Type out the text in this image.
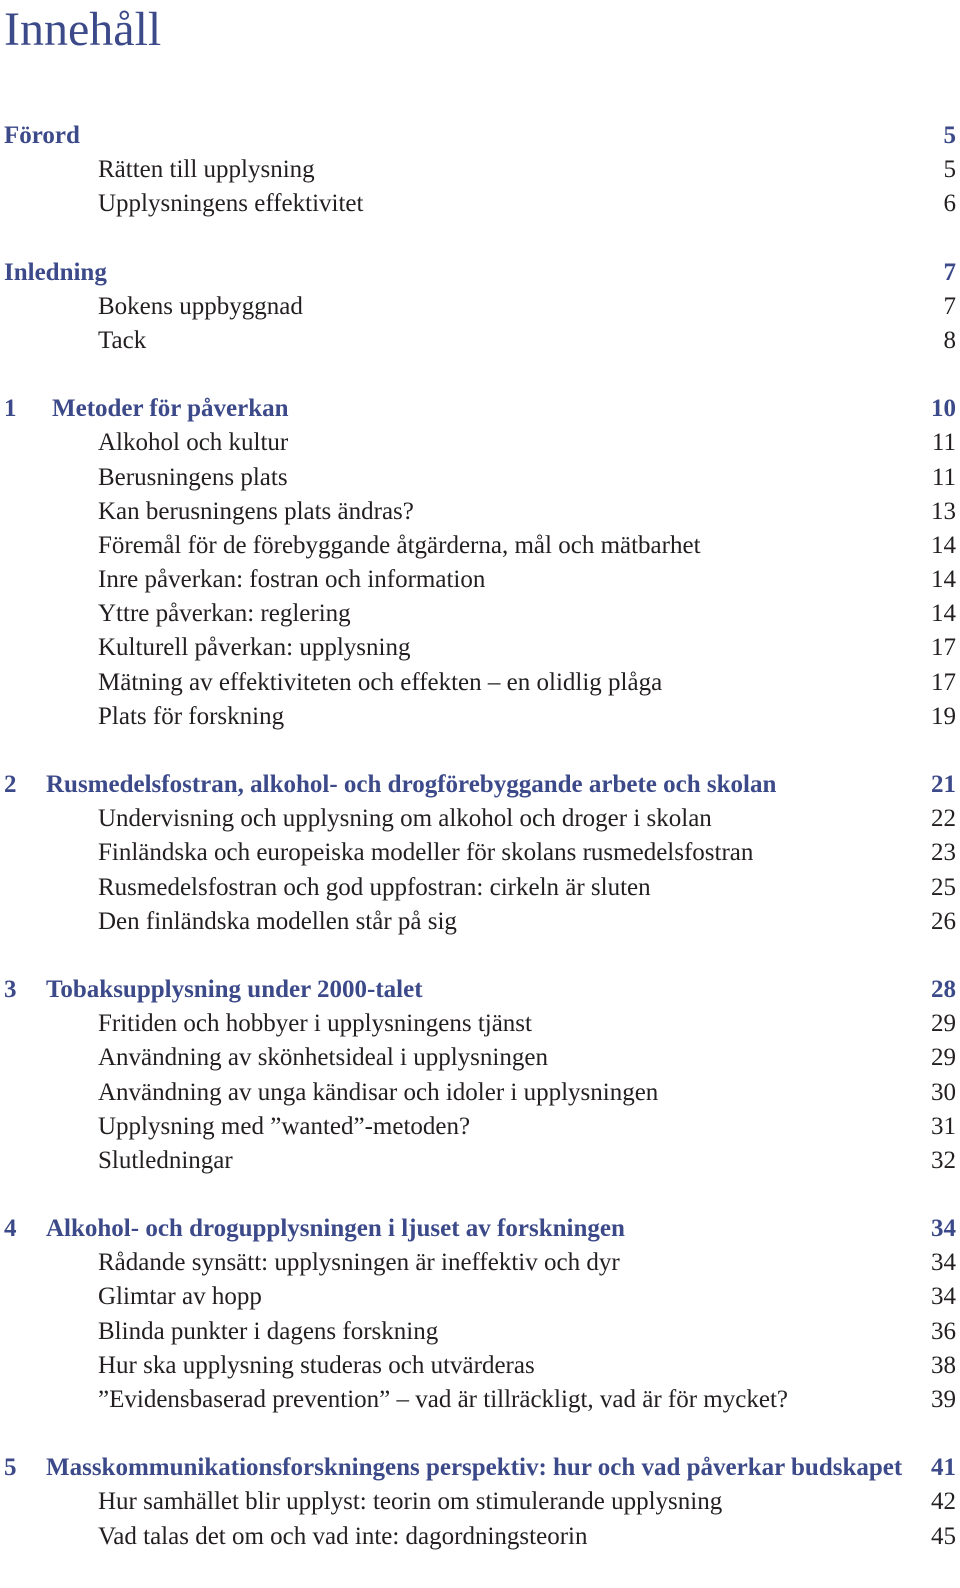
Innehåll
Förord	5
Rätten till upplysning	5
Upplysningens effektivitet	6
Inledning	7
Bokens uppbyggnad	7
Tack	8
1 Metoder för påverkan	10
Alkohol och kultur	11
Berusningens plats	11
Kan berusningens plats ändras?	13
Föremål för de förebyggande åtgärderna, mål och mätbarhet	14
Inre påverkan: fostran och information	14
Yttre påverkan: reglering	14
Kulturell påverkan: upplysning	17
Mätning av effektiviteten och effekten – en olidlig plåga	17
Plats för forskning	19
2 Rusmedelsfostran, alkohol- och drogförebyggande arbete och skolan	21
Undervisning och upplysning om alkohol och droger i skolan	22
Finländska och europeiska modeller för skolans rusmedelsfostran	23
Rusmedelsfostran och god uppfostran: cirkeln är sluten	25
Den finländska modellen står på sig	26
3 Tobaksupplysning under 2000-talet	28
Fritiden och hobbyer i upplysningens tjänst	29
Användning av skönhetsideal i upplysningen	29
Användning av unga kändisar och idoler i upplysningen	30
Upplysning med ”wanted”-metoden?	31
Slutledningar	32
4 Alkohol- och drogupplysningen i ljuset av forskningen	34
Rådande synsätt: upplysningen är ineffektiv och dyr	34
Glimtar av hopp	34
Blinda punkter i dagens forskning	36
Hur ska upplysning studeras och utvärderas	38
”Evidensbaserad prevention” – vad är tillräckligt, vad är för mycket?	39
5 Masskommunikationsforskningens perspektiv: hur och vad påverkar budskapet 41
Hur samhället blir upplyst: teorin om stimulerande upplysning	42
Vad talas det om och vad inte: dagordningsteorin	45
